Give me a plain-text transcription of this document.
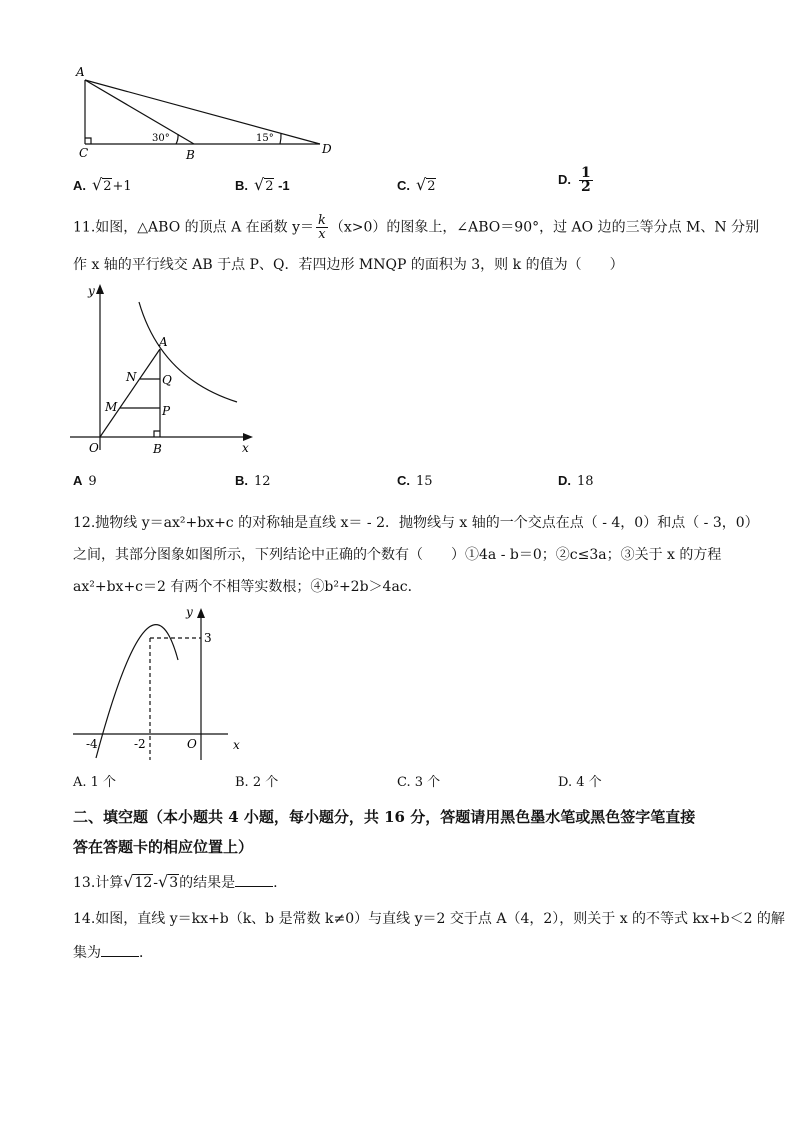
A
C	B	D
30°	15°
A. √2+1	B. √2 -1	C. √2	D. $\frac{1}{2}$
11.如图，△ABO 的顶点 A 在函数 $y= \frac{k}{x} (x>0)$的图象上，∠ABO＝90°，过 AO 边的三等分点 M、N 分别
作 x 轴的平行线交 AB 于点 P、Q．若四边形 MNQP 的面积为 3，则 k 的值为（　　）
y
x
O
A
B
N Q
M	P
A 9	B. 12	C. 15	D. 18
12.抛物线 y＝ax²+bx+c 的对称轴是直线 x＝ - 2．抛物线与 x 轴的一个交点在点（ - 4，0）和点（ - 3，0）
之间，其部分图象如图所示，下列结论中正确的个数有（　　）①4a - b＝0；②c≤3a；③关于 x 的方程
ax²+bx+c＝2 有两个不相等实数根；④b²+2b＞4ac．
y
x
3
-4	-2	O
A. 1 个	B. 2 个	C. 3 个	D. 4 个
二、填空题（本小题共 4 小题，每小题分，共 16 分，答题请用黑色墨水笔或黑色签字笔直接
答在答题卡的相应位置上）
13.计算√12-√3的结果是	.
14.如图，直线 y＝kx+b（k、b 是常数 k≠0）与直线 y＝2 交于点 A（4，2），则关于 x 的不等式 kx+b＜2 的解
集为	．
